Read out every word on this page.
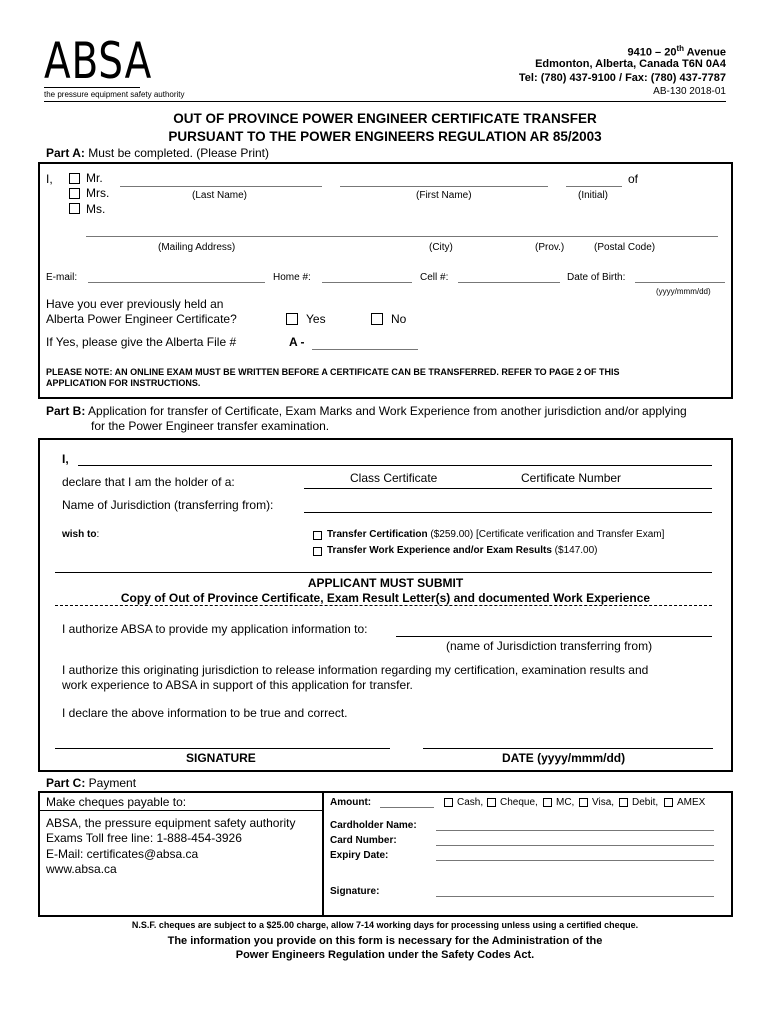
ABSA
the pressure equipment safety authority
9410 – 20th Avenue
Edmonton, Alberta, Canada T6N 0A4
Tel: (780) 437-9100 / Fax: (780) 437-7787
AB-130 2018-01
OUT OF PROVINCE POWER ENGINEER CERTIFICATE TRANSFER
PURSUANT TO THE POWER ENGINEERS REGULATION AR 85/2003
Part A: Must be completed. (Please Print)
I,	Mr.
Mrs.
Ms.
of
(Last Name)	(First Name)	(Initial)
(Mailing Address)	(City)	(Prov.)	(Postal Code)
E-mail:	Home #:	Cell #:	Date of Birth:
(yyyy/mmm/dd)
Have you ever previously held an
Alberta Power Engineer Certificate?	Yes	No
If Yes, please give the Alberta File #	A -
PLEASE NOTE: AN ONLINE EXAM MUST BE WRITTEN BEFORE A CERTIFICATE CAN BE TRANSFERRED. REFER TO PAGE 2 OF THIS
APPLICATION FOR INSTRUCTIONS.
Part B: Application for transfer of Certificate, Exam Marks and Work Experience from another jurisdiction and/or applying
for the Power Engineer transfer examination.
I,
declare that I am the holder of a:	Class Certificate	Certificate Number
Name of Jurisdiction (transferring from):
wish to:	Transfer Certification ($259.00) [Certificate verification and Transfer Exam]
Transfer Work Experience and/or Exam Results ($147.00)
APPLICANT MUST SUBMIT
Copy of Out of Province Certificate, Exam Result Letter(s) and documented Work Experience
I authorize ABSA to provide my application information to:
(name of Jurisdiction transferring from)
I authorize this originating jurisdiction to release information regarding my certification, examination results and
work experience to ABSA in support of this application for transfer.
I declare the above information to be true and correct.
SIGNATURE	DATE (yyyy/mmm/dd)
Part C: Payment
Make cheques payable to:
ABSA, the pressure equipment safety authority
Exams Toll free line: 1-888-454-3926
E-Mail: certificates@absa.ca
www.absa.ca
Amount:	Cash, Cheque, MC, Visa, Debit, AMEX
Cardholder Name:
Card Number:
Expiry Date:
Signature:
N.S.F. cheques are subject to a $25.00 charge, allow 7-14 working days for processing unless using a certified cheque.
The information you provide on this form is necessary for the Administration of the
Power Engineers Regulation under the Safety Codes Act.
